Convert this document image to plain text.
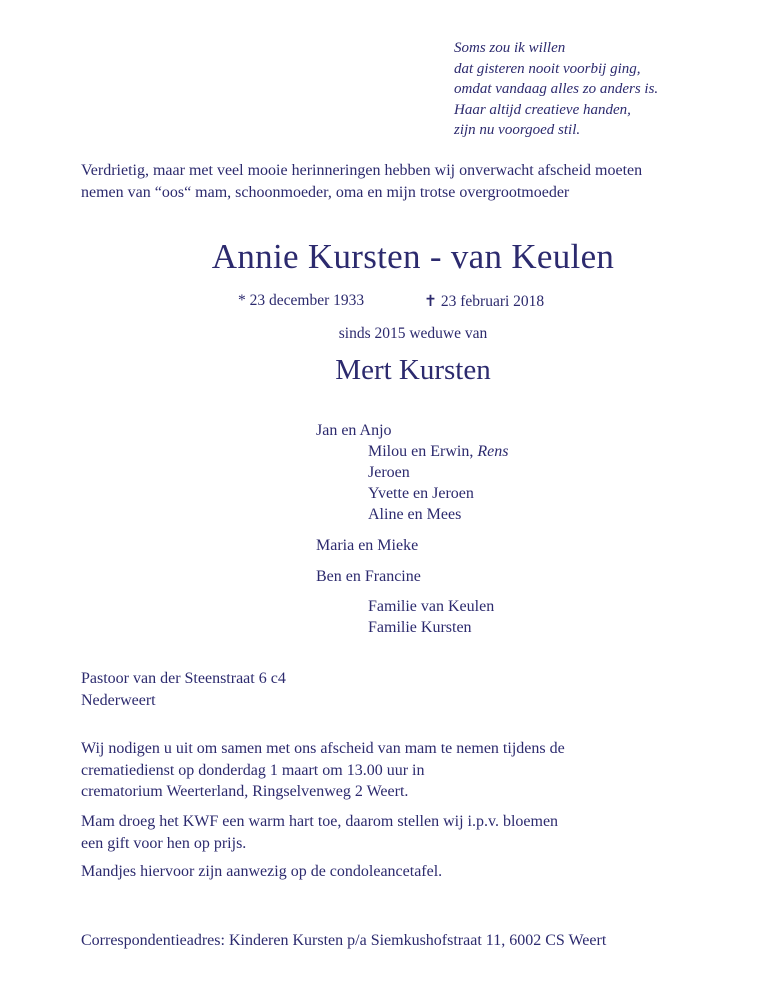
Soms zou ik willen
dat gisteren nooit voorbij ging,
omdat vandaag alles zo anders is.
Haar altijd creatieve handen,
zijn nu voorgoed stil.
Verdrietig, maar met veel mooie herinneringen hebben wij onverwacht afscheid moeten
nemen van “oos“ mam, schoonmoeder, oma en mijn trotse overgrootmoeder
Annie Kursten - van Keulen
* 23 december 1933	✝ 23 februari 2018
sinds 2015 weduwe van
Mert Kursten
Jan en Anjo
Milou en Erwin, Rens
Jeroen
Yvette en Jeroen
Aline en Mees
Maria en Mieke
Ben en Francine
Familie van Keulen
Familie Kursten
Pastoor van der Steenstraat 6 c4
Nederweert
Wij nodigen u uit om samen met ons afscheid van mam te nemen tijdens de
crematiedienst op donderdag 1 maart om 13.00 uur in
crematorium Weerterland, Ringselvenweg 2 Weert.
Mam droeg het KWF een warm hart toe, daarom stellen wij i.p.v. bloemen
een gift voor hen op prijs.
Mandjes hiervoor zijn aanwezig op de condoleancetafel.
Correspondentieadres: Kinderen Kursten p/a Siemkushofstraat 11, 6002 CS Weert
